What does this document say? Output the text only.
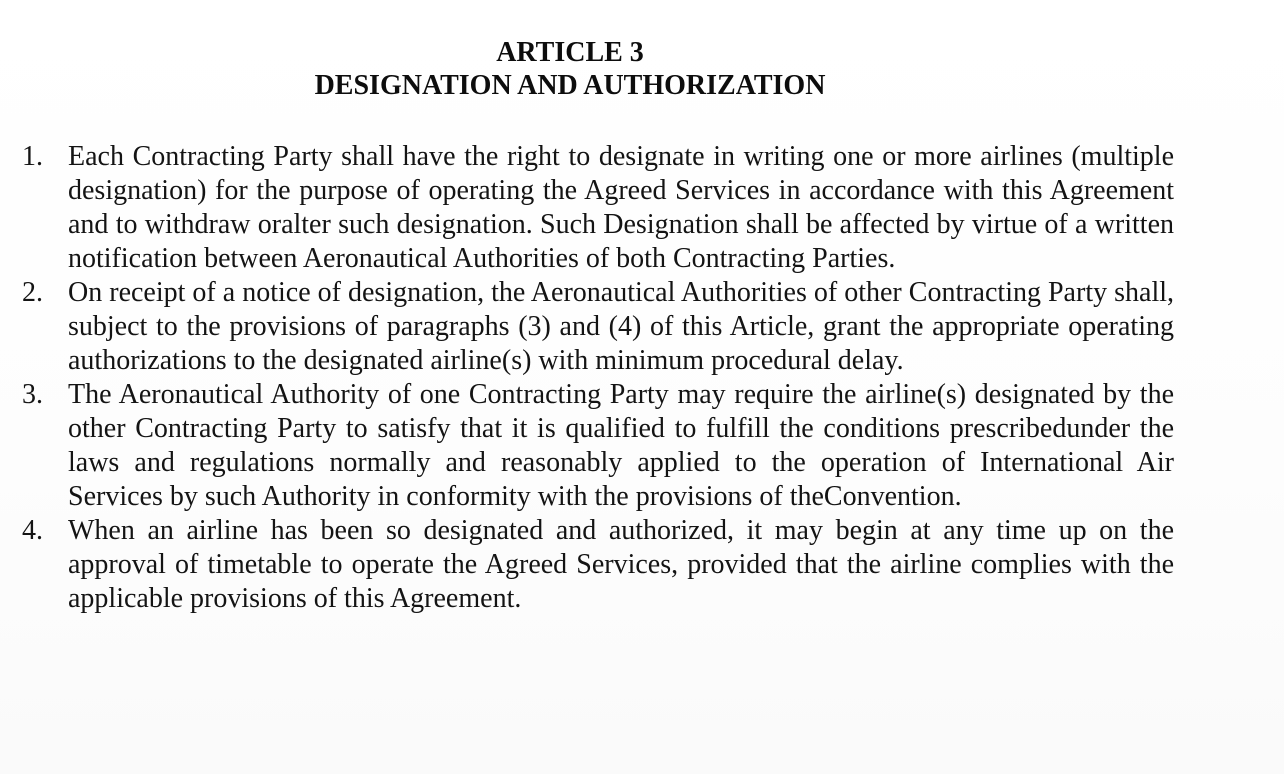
ARTICLE 3
DESIGNATION AND AUTHORIZATION
1. Each Contracting Party shall have the right to designate in writing one or more airlines (multiple designation) for the purpose of operating the Agreed Services in accordance with this Agreement and to withdraw oralter such designation. Such Designation shall be affected by virtue of a written notification between Aeronautical Authorities of both Contracting Parties.
2. On receipt of a notice of designation, the Aeronautical Authorities of other Contracting Party shall, subject to the provisions of paragraphs (3) and (4) of this Article, grant the appropriate operating authorizations to the designated airline(s) with minimum procedural delay.
3. The Aeronautical Authority of one Contracting Party may require the airline(s) designated by the other Contracting Party to satisfy that it is qualified to fulfill the conditions prescribedunder the laws and regulations normally and reasonably applied to the operation of International Air Services by such Authority in conformity with the provisions of theConvention.
4. When an airline has been so designated and authorized, it may begin at any time up on the approval of timetable to operate the Agreed Services, provided that the airline complies with the applicable provisions of this Agreement.
